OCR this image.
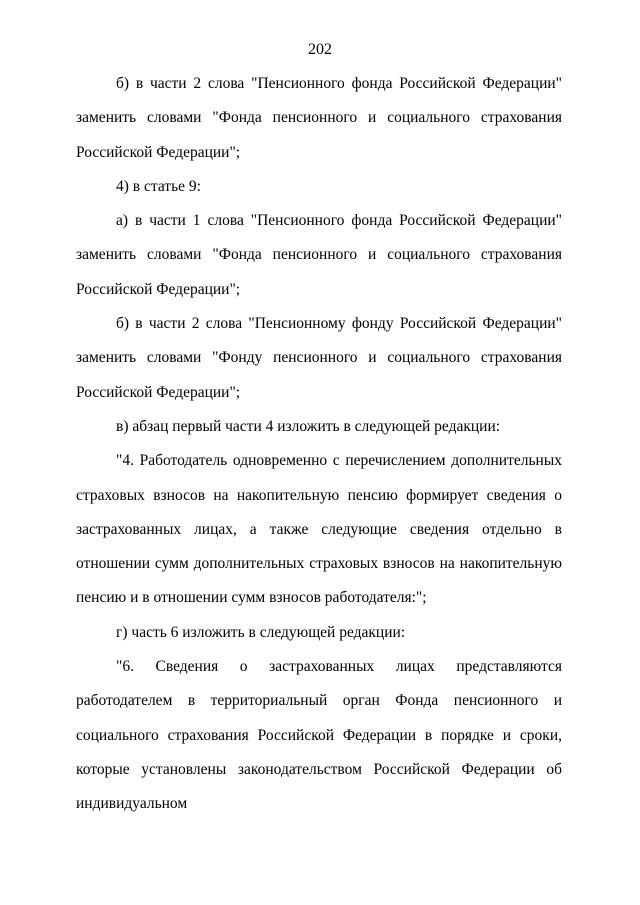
202

б) в части 2 слова "Пенсионного фонда Российской Федерации" заменить словами "Фонда пенсионного и социального страхования Российской Федерации";

4) в статье 9:

а) в части 1 слова "Пенсионного фонда Российской Федерации" заменить словами "Фонда пенсионного и социального страхования Российской Федерации";

б) в части 2 слова "Пенсионному фонду Российской Федерации" заменить словами "Фонду пенсионного и социального страхования Российской Федерации";

в) абзац первый части 4 изложить в следующей редакции:

"4. Работодатель одновременно с перечислением дополнительных страховых взносов на накопительную пенсию формирует сведения о застрахованных лицах, а также следующие сведения отдельно в отношении сумм дополнительных страховых взносов на накопительную пенсию и в отношении сумм взносов работодателя:";

г) часть 6 изложить в следующей редакции:

"6. Сведения о застрахованных лицах представляются работодателем в территориальный орган Фонда пенсионного и социального страхования Российской Федерации в порядке и сроки, которые установлены законодательством Российской Федерации об индивидуальном
